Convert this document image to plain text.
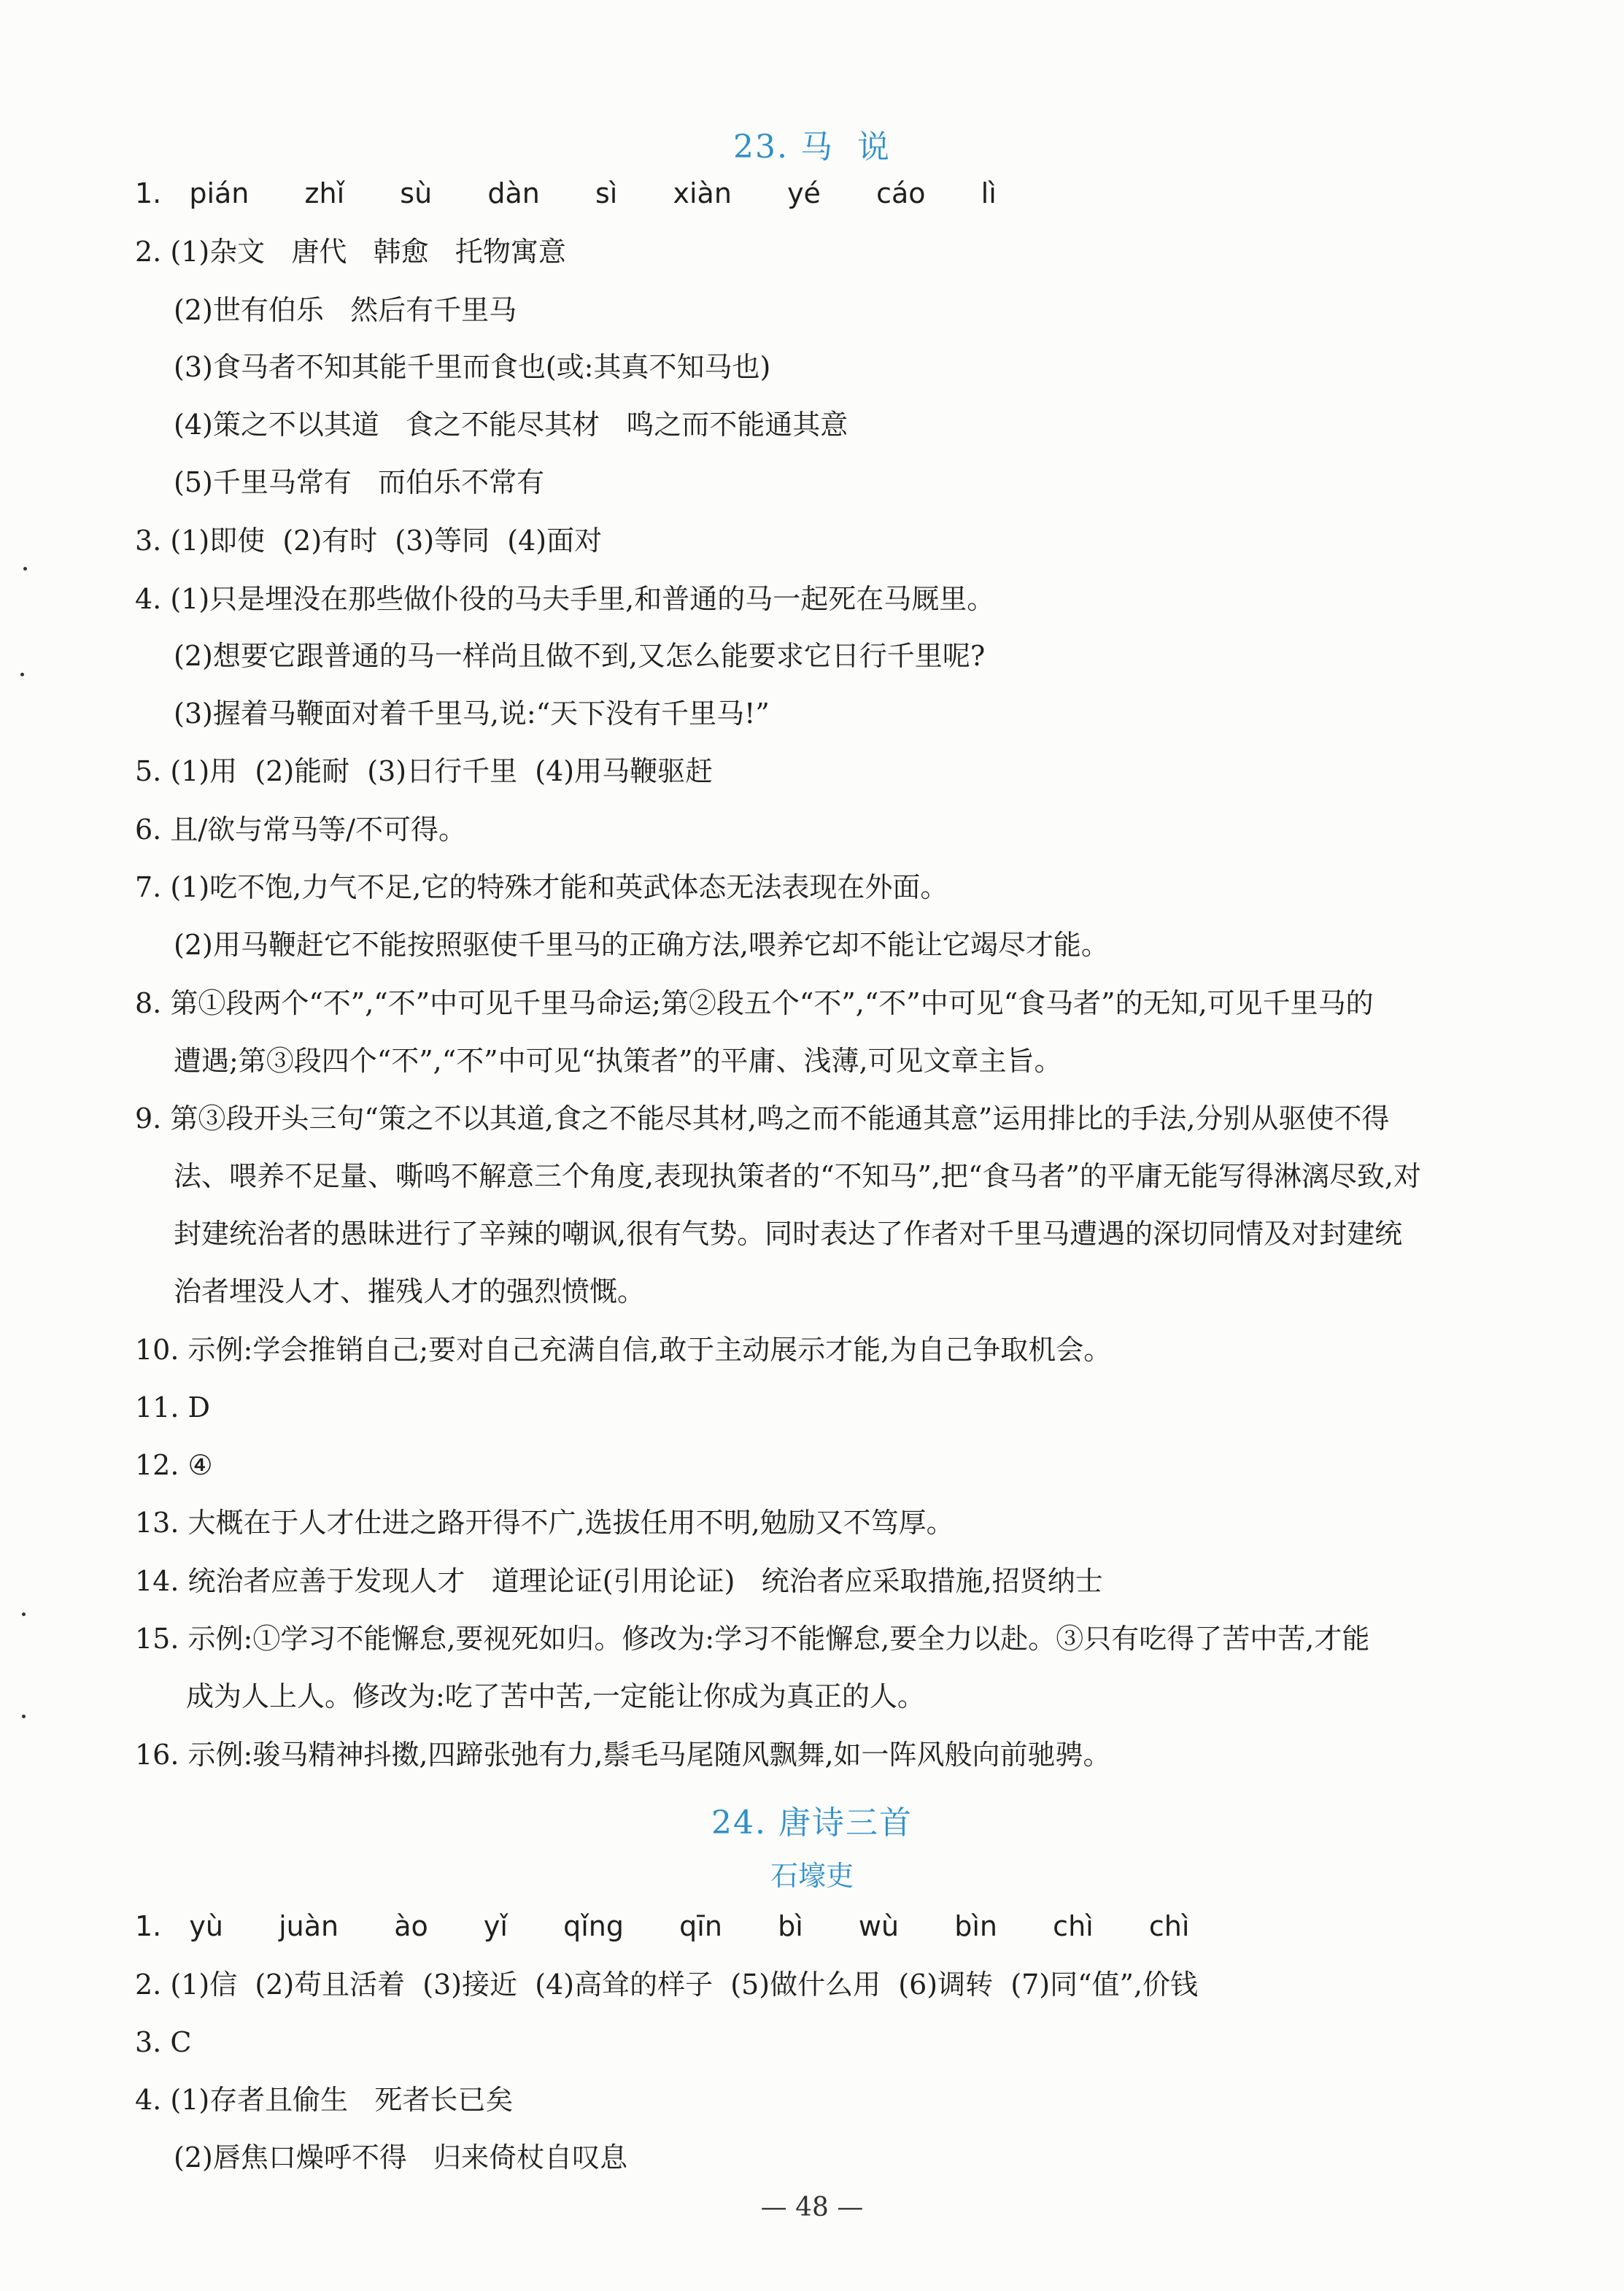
23. 马  说
1. pián  zhǐ  sù  dàn  sì  xiàn  yé  cáo  lì
2. (1)杂文   唐代   韩愈   托物寓意
(2)世有伯乐   然后有千里马
(3)食马者不知其能千里而食也(或:其真不知马也)
(4)策之不以其道   食之不能尽其材   鸣之而不能通其意
(5)千里马常有   而伯乐不常有
3. (1)即使  (2)有时  (3)等同  (4)面对
4. (1)只是埋没在那些做仆役的马夫手里,和普通的马一起死在马厩里。
(2)想要它跟普通的马一样尚且做不到,又怎么能要求它日行千里呢?
(3)握着马鞭面对着千里马,说:“天下没有千里马!”
5. (1)用  (2)能耐  (3)日行千里  (4)用马鞭驱赶
6. 且/欲与常马等/不可得。
7. (1)吃不饱,力气不足,它的特殊才能和英武体态无法表现在外面。
(2)用马鞭赶它不能按照驱使千里马的正确方法,喂养它却不能让它竭尽才能。
8. 第①段两个“不”,“不”中可见千里马命运;第②段五个“不”,“不”中可见“食马者”的无知,可见千里马的
遭遇;第③段四个“不”,“不”中可见“执策者”的平庸、浅薄,可见文章主旨。
9. 第③段开头三句“策之不以其道,食之不能尽其材,鸣之而不能通其意”运用排比的手法,分别从驱使不得
法、喂养不足量、嘶鸣不解意三个角度,表现执策者的“不知马”,把“食马者”的平庸无能写得淋漓尽致,对
封建统治者的愚昧进行了辛辣的嘲讽,很有气势。同时表达了作者对千里马遭遇的深切同情及对封建统
治者埋没人才、摧残人才的强烈愤慨。
10. 示例:学会推销自己;要对自己充满自信,敢于主动展示才能,为自己争取机会。
11. D
12. ④
13. 大概在于人才仕进之路开得不广,选拔任用不明,勉励又不笃厚。
14. 统治者应善于发现人才   道理论证(引用论证)   统治者应采取措施,招贤纳士
15. 示例:①学习不能懈怠,要视死如归。修改为:学习不能懈怠,要全力以赴。③只有吃得了苦中苦,才能
成为人上人。修改为:吃了苦中苦,一定能让你成为真正的人。
16. 示例:骏马精神抖擞,四蹄张弛有力,鬃毛马尾随风飘舞,如一阵风般向前驰骋。
24. 唐诗三首
石壕吏
1. yù  juàn  ào  yǐ  qǐng  qīn  bì  wù  bìn  chì  chì
2. (1)信  (2)苟且活着  (3)接近  (4)高耸的样子  (5)做什么用  (6)调转  (7)同“值”,价钱
3. C
4. (1)存者且偷生   死者长已矣
(2)唇焦口燥呼不得   归来倚杖自叹息
— 48 —
